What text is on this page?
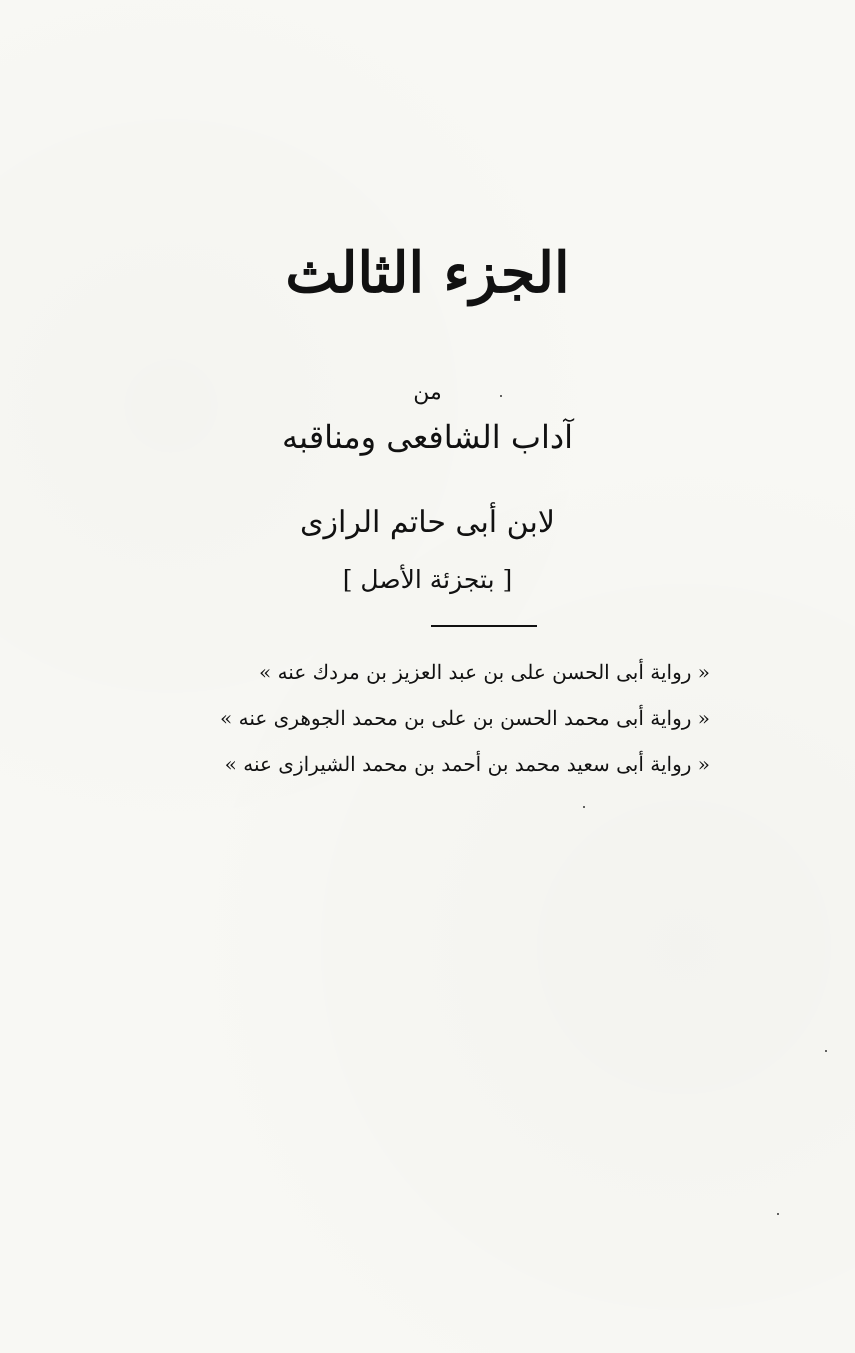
الجزء الثالث
من
آداب الشافعى ومناقبه
لابن أبى حاتم الرازى
[ بتجزئة الأصل ]
« رواية أبى الحسن على بن عبد العزيز بن مردك عنه »
« رواية أبى محمد الحسن بن على بن محمد الجوهرى عنه »
« رواية أبى سعيد محمد بن أحمد بن محمد الشيرازى عنه »
